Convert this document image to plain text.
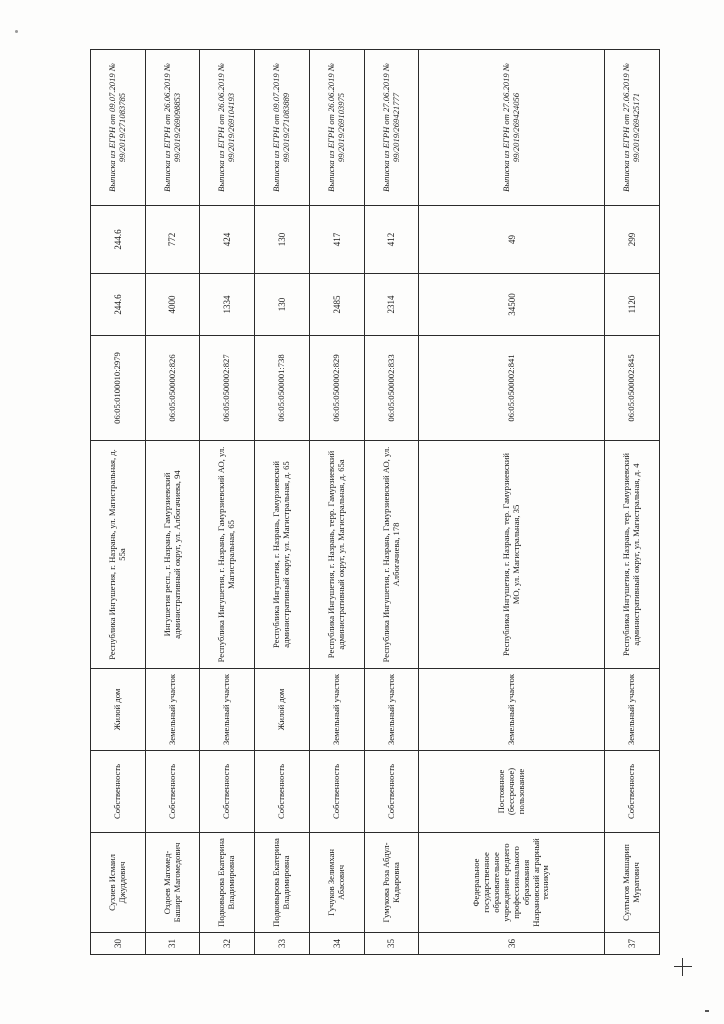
30	Сухиев Исмаил Джуддович	Собственность	Жилой дом	Республика Ингушетия, г. Назрань, ул. Магистральная, д. 55а	06:05:0100010:2979	244.6	244.6	Выписка из ЕГРН от 09.07.2019 № 99/2019/271083785
31	Оздоев Магомед-Баширг Магомедович	Собственность	Земельный участок	Ингушетия респ., г. Назрань, Гамурзиевский административный округ, ул. Албогачиева, 94	06:05:0500002:826	4000	772	Выписка из ЕГРН от 26.06.2019 № 99/2019/269098853
32	Подковырова Екатерина Владимировна	Собственность	Земельный участок	Республика Ингушетия, г. Назрань, Гамурзиевский АО, ул. Магистральная, 65	06:05:0500002:827	1334	424	Выписка из ЕГРН от 26.06.2019 № 99/2019/269104193
33	Подковырова Екатерина Владимировна	Собственность	Жилой дом	Республика Ингушетия, г. Назрань, Гамурзиевский административный округ, ул. Магистральная, д. 65	06:05:0500001:738	130	130	Выписка из ЕГРН от 09.07.2019 № 99/2019/271083889
34	Гучуков Зелимхан Абасович	Собственность	Земельный участок	Республика Ингушетия, г. Назрань, терр. Гамурзиевский административный округ, ул. Магистральная, д. 65а	06:05:0500002:829	2485	417	Выписка из ЕГРН от 26.06.2019 № 99/2019/269103975
35	Гумукова Роза Абдул-Кадыровна	Собственность	Земельный участок	Республика Ингушетия, г. Назрань, Гамурзиевский АО, ул. Албогачиева, 178	06:05:0500002:833	2314	412	Выписка из ЕГРН от 27.06.2019 № 99/2019/269421777
36	Федеральное государственное образовательное учреждение среднего профессионального образования Назрановский аграрный техникум	Постоянное (бессрочное) пользование	Земельный участок	Республика Ингушетия, г. Назрань, тер. Гамурзиевский МО, ул. Магистральная, 35	06:05:0500002:841	34500	49	Выписка из ЕГРН от 27.06.2019 № 99/2019/269424056
37	Султыгов Макшарип Муратович	Собственность	Земельный участок	Республика Ингушетия, г. Назрань, тер. Гамурзиевский административный округ, ул. Магистральная, д. 4	06:05:0500002:845	1120	299	Выписка из ЕГРН от 27.06.2019 № 99/2019/269425171
